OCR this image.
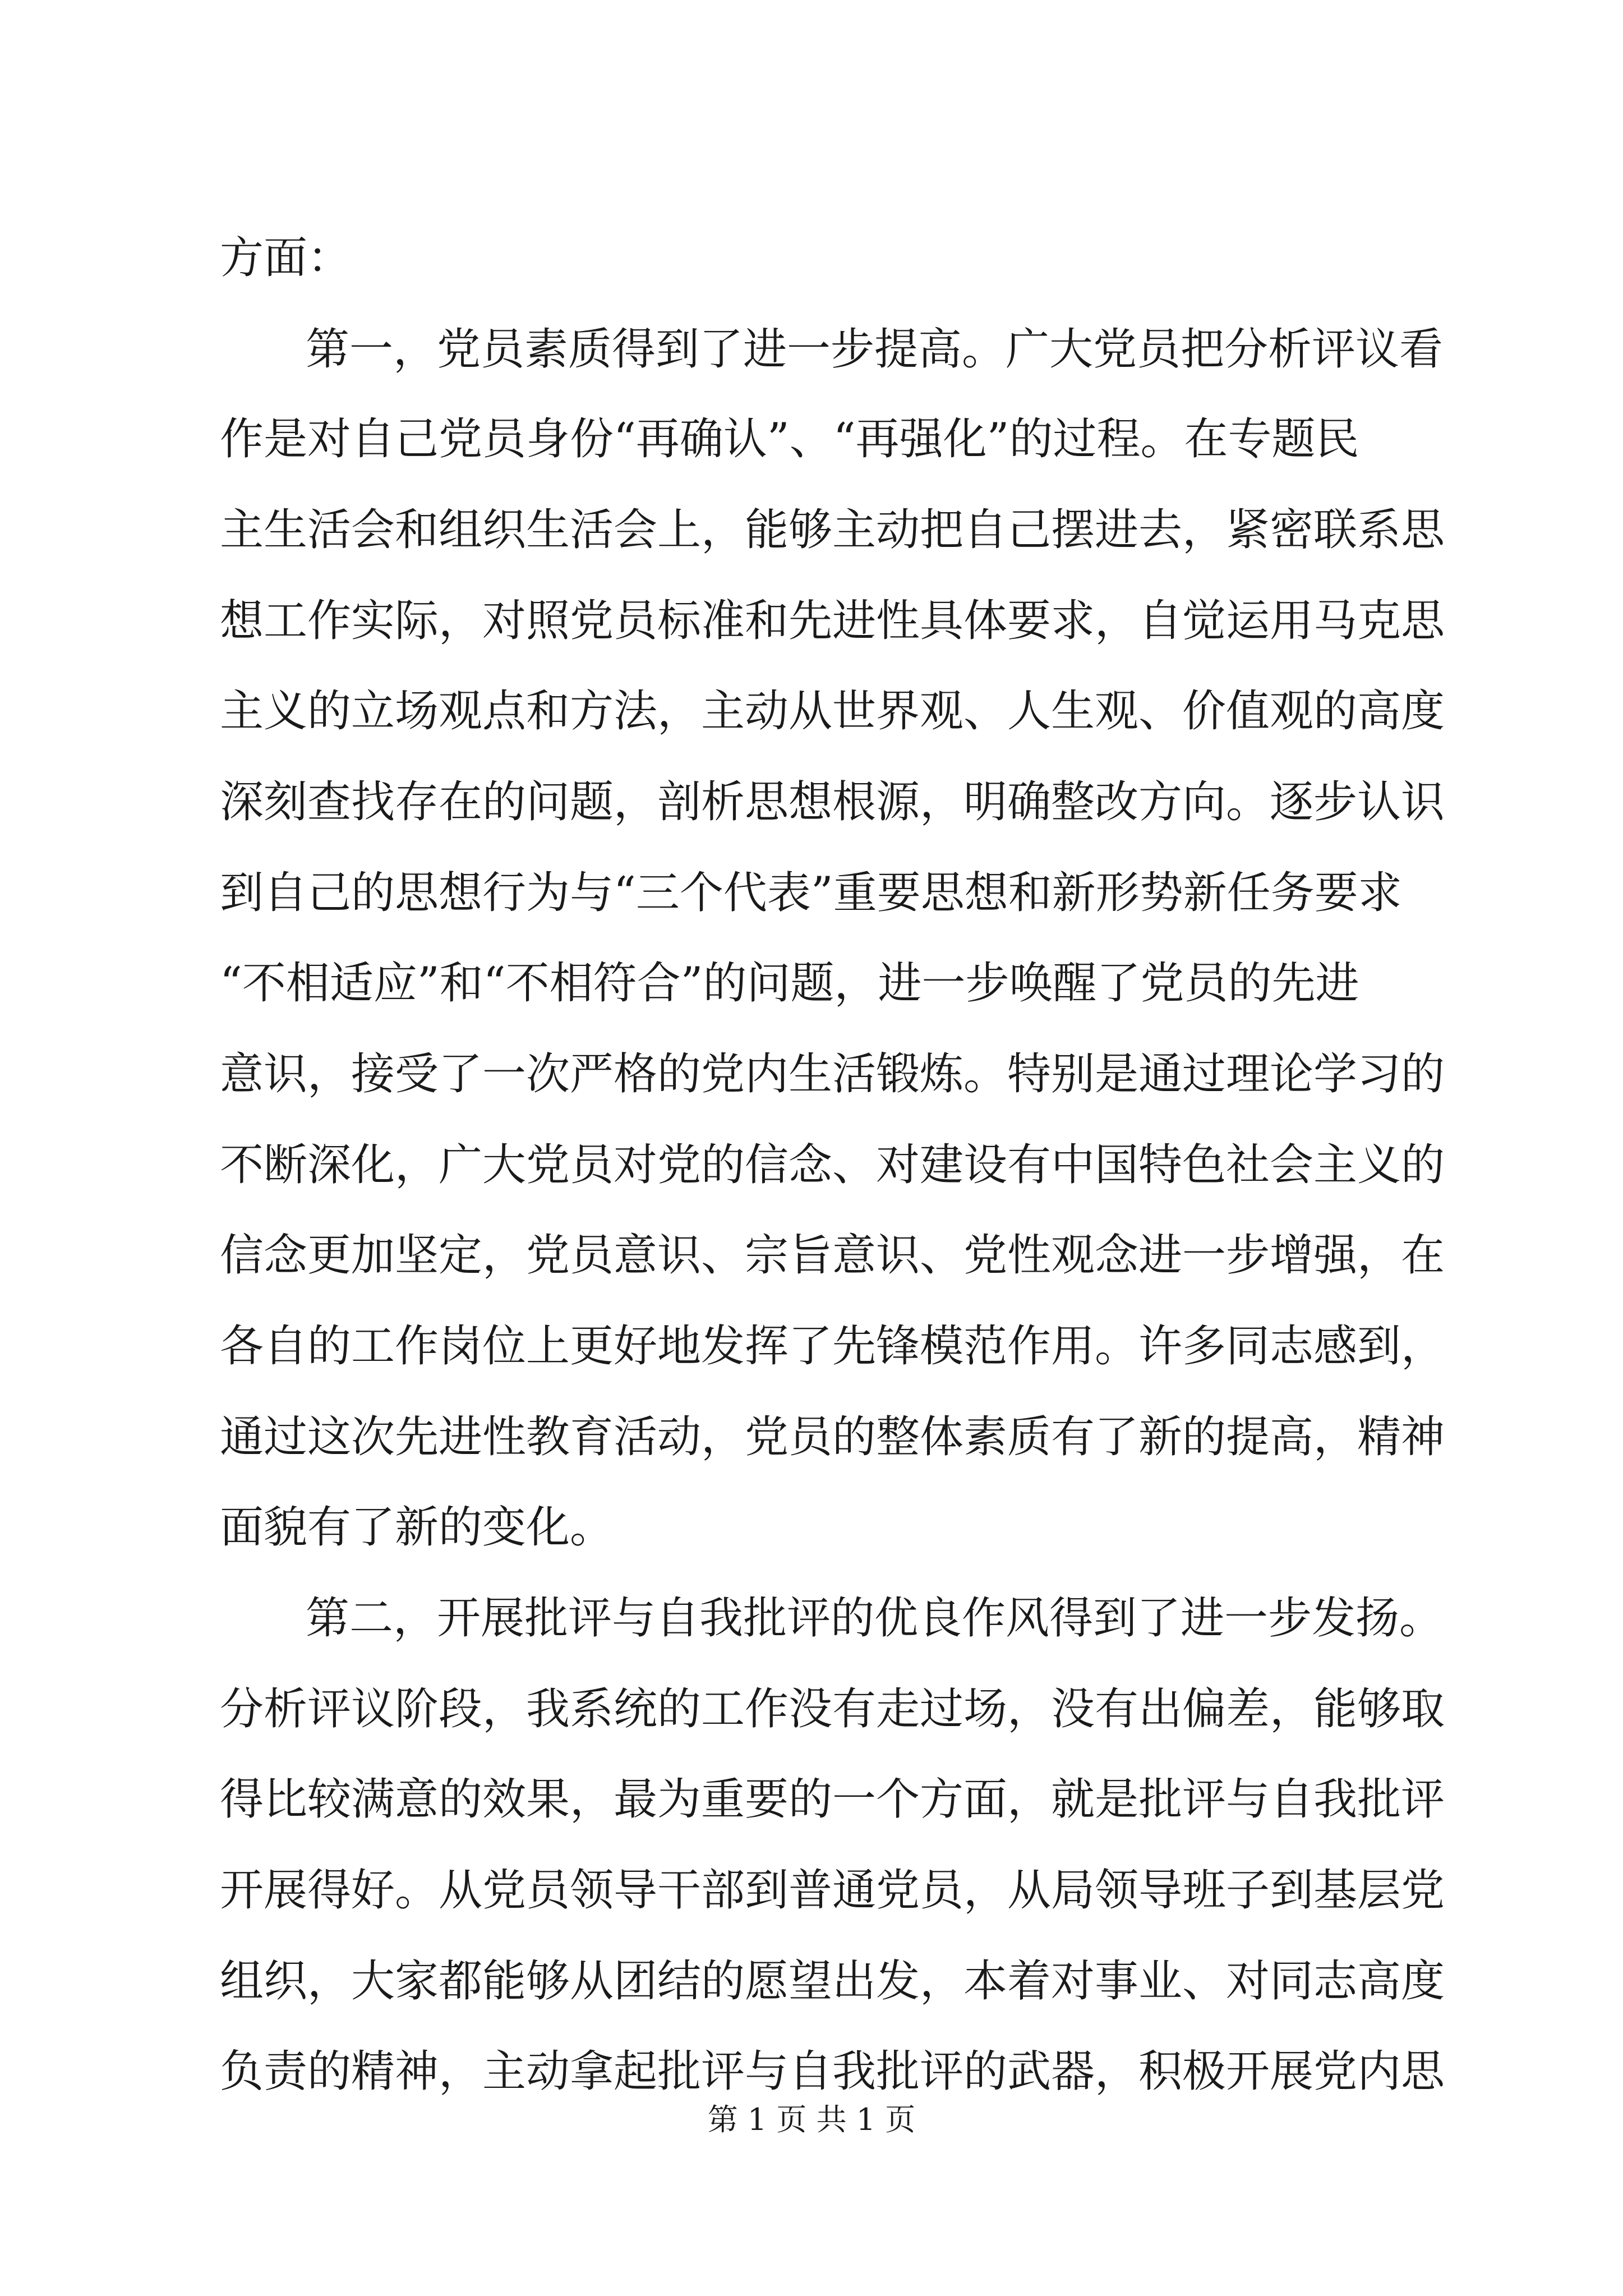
方面：
第一，党员素质得到了进一步提高。广大党员把分析评议看
作是对自己党员身份“再确认”、“再强化”的过程。在专题民
主生活会和组织生活会上，能够主动把自己摆进去，紧密联系思
想工作实际，对照党员标准和先进性具体要求，自觉运用马克思
主义的立场观点和方法，主动从世界观、人生观、价值观的高度
深刻查找存在的问题，剖析思想根源，明确整改方向。逐步认识
到自己的思想行为与“三个代表”重要思想和新形势新任务要求
“不相适应”和“不相符合”的问题，进一步唤醒了党员的先进
意识，接受了一次严格的党内生活锻炼。特别是通过理论学习的
不断深化，广大党员对党的信念、对建设有中国特色社会主义的
信念更加坚定，党员意识、宗旨意识、党性观念进一步增强，在
各自的工作岗位上更好地发挥了先锋模范作用。许多同志感到，
通过这次先进性教育活动，党员的整体素质有了新的提高，精神
面貌有了新的变化。
第二，开展批评与自我批评的优良作风得到了进一步发扬。
分析评议阶段，我系统的工作没有走过场，没有出偏差，能够取
得比较满意的效果，最为重要的一个方面，就是批评与自我批评
开展得好。从党员领导干部到普通党员，从局领导班子到基层党
组织，大家都能够从团结的愿望出发，本着对事业、对同志高度
负责的精神，主动拿起批评与自我批评的武器，积极开展党内思
第 1 页 共 1 页
